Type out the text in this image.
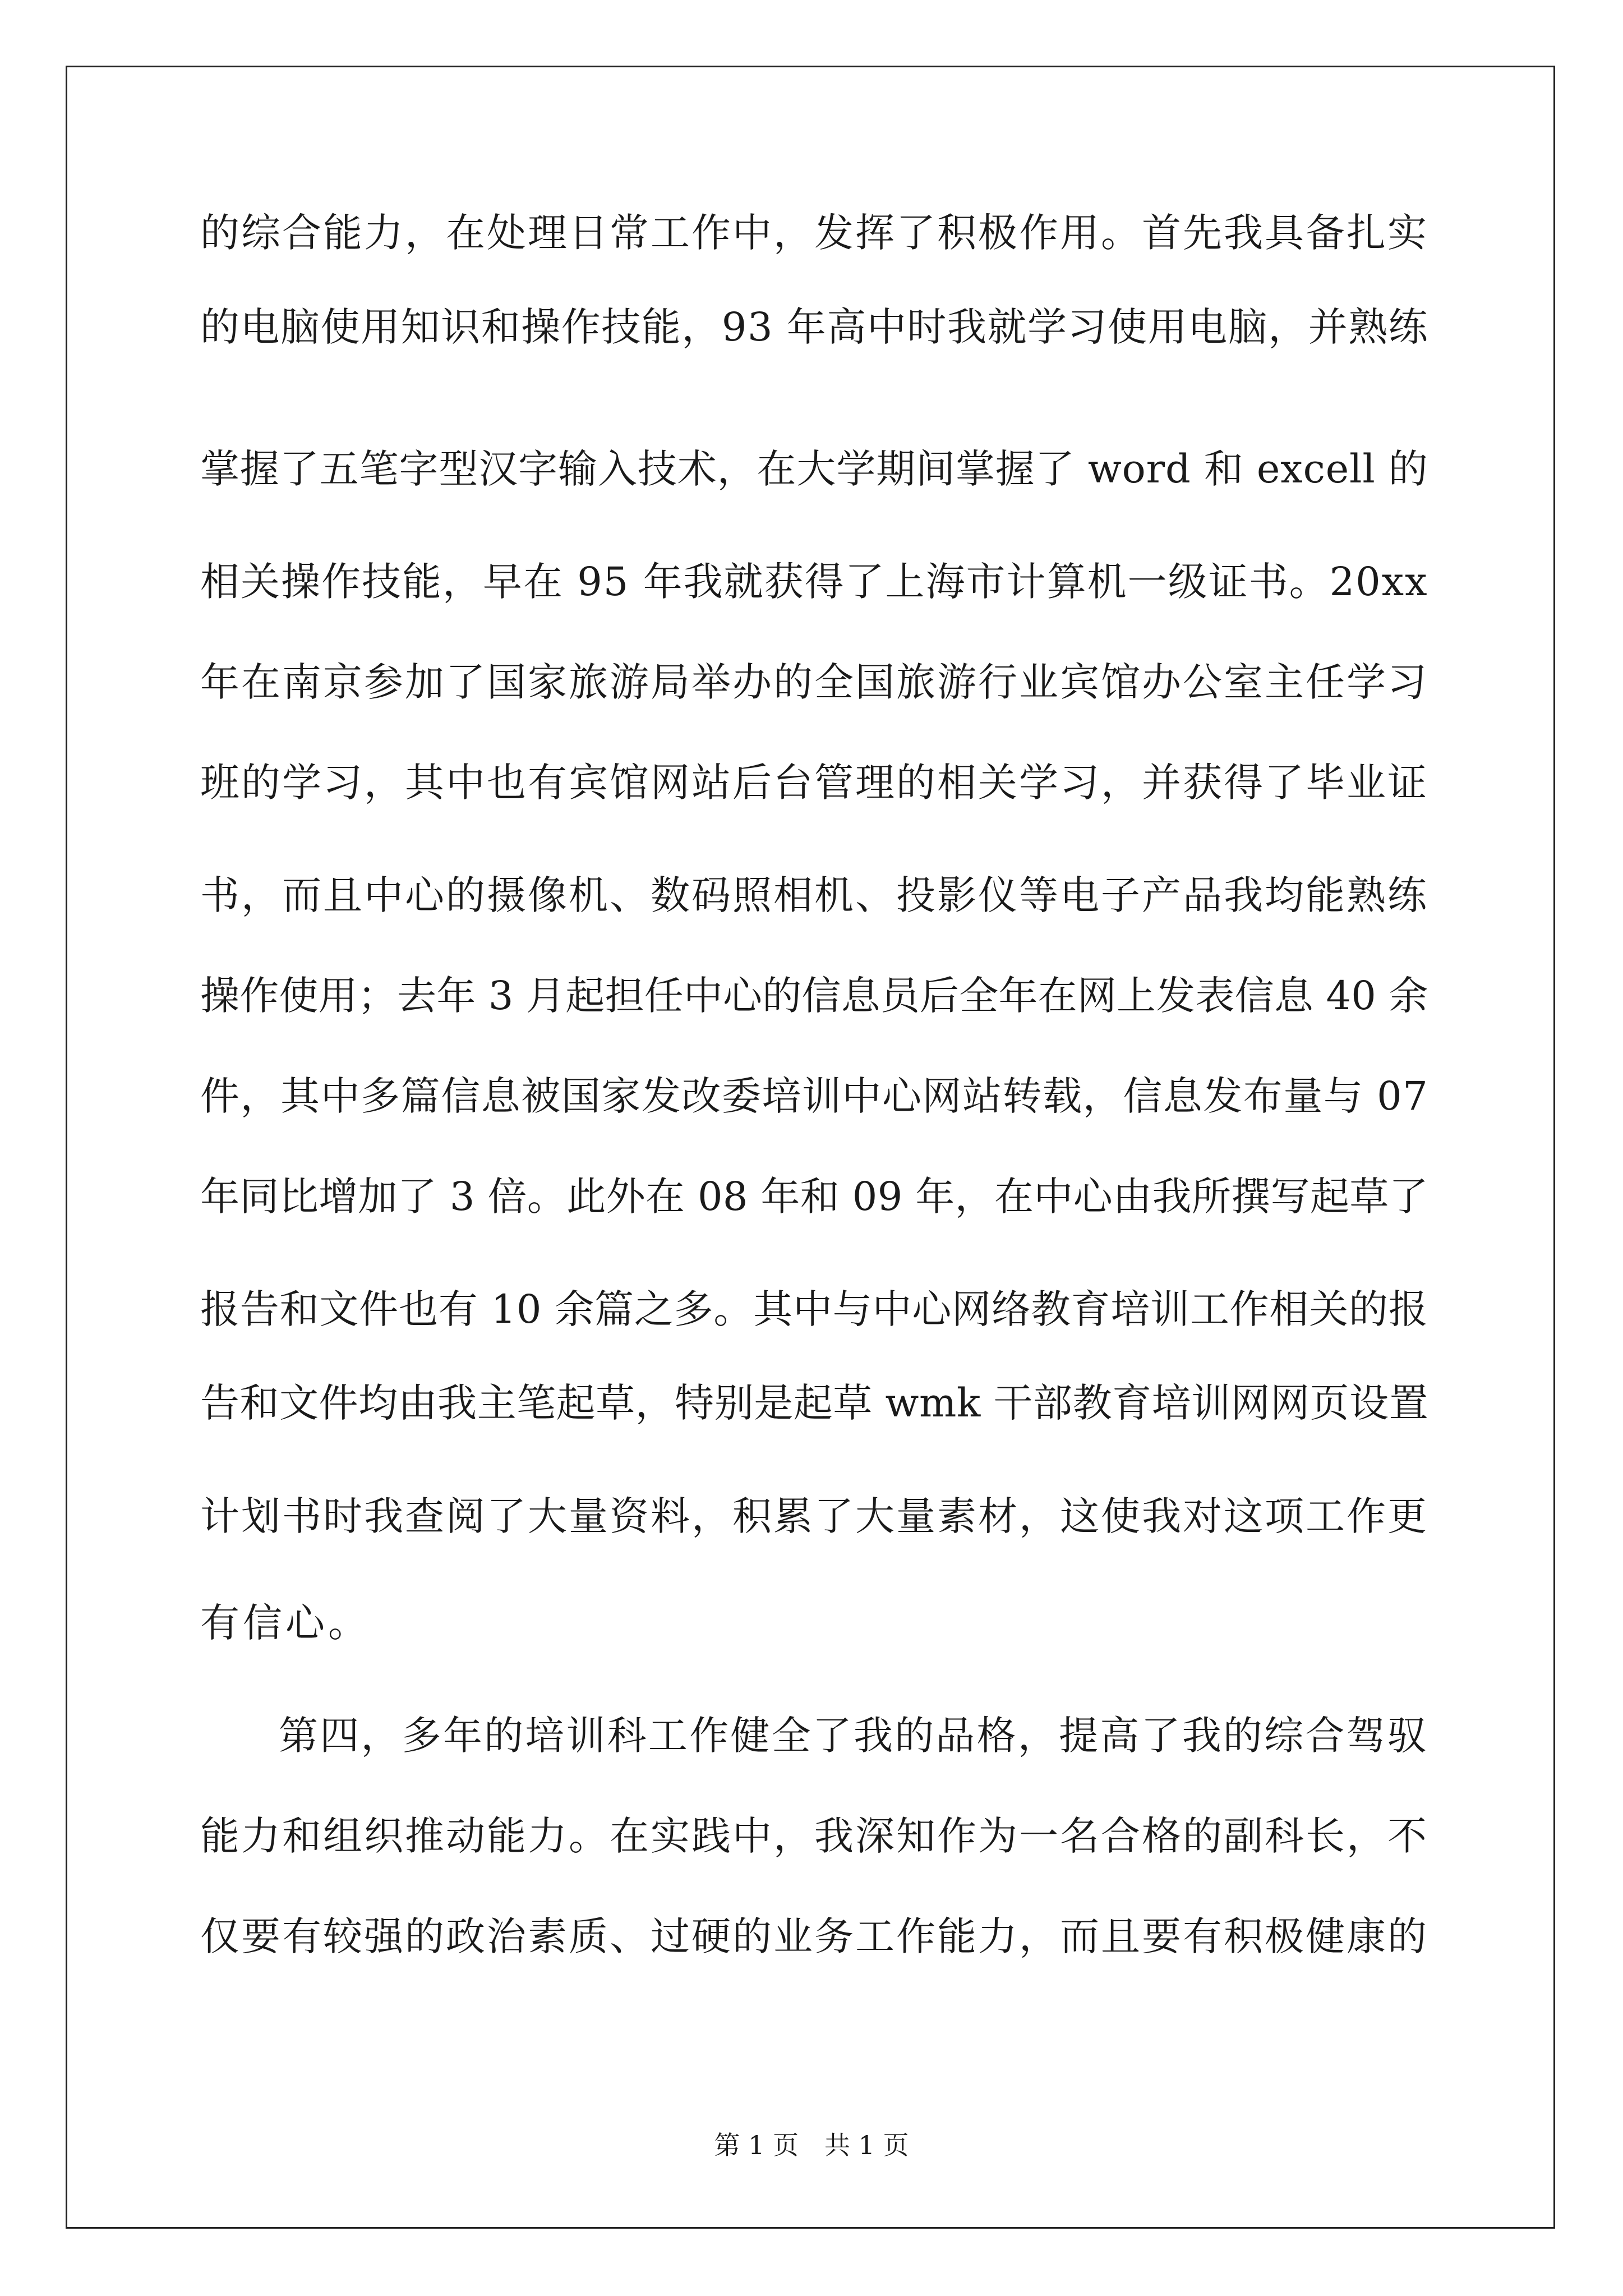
的综合能力，在处理日常工作中，发挥了积极作用。首先我具备扎实
的电脑使用知识和操作技能，93 年高中时我就学习使用电脑，并熟练
掌握了五笔字型汉字输入技术，在大学期间掌握了 word 和 excell 的
相关操作技能，早在 95 年我就获得了上海市计算机一级证书。20xx
年在南京参加了国家旅游局举办的全国旅游行业宾馆办公室主任学习
班的学习，其中也有宾馆网站后台管理的相关学习，并获得了毕业证
书，而且中心的摄像机、数码照相机、投影仪等电子产品我均能熟练
操作使用；去年 3 月起担任中心的信息员后全年在网上发表信息 40 余
件，其中多篇信息被国家发改委培训中心网站转载，信息发布量与 07
年同比增加了 3 倍。此外在 08 年和 09 年，在中心由我所撰写起草了
报告和文件也有 10 余篇之多。其中与中心网络教育培训工作相关的报
告和文件均由我主笔起草，特别是起草 wmk 干部教育培训网网页设置
计划书时我查阅了大量资料，积累了大量素材，这使我对这项工作更
有信心。
第四，多年的培训科工作健全了我的品格，提高了我的综合驾驭
能力和组织推动能力。在实践中，我深知作为一名合格的副科长，不
仅要有较强的政治素质、过硬的业务工作能力，而且要有积极健康的
第 1 页　共 1 页
